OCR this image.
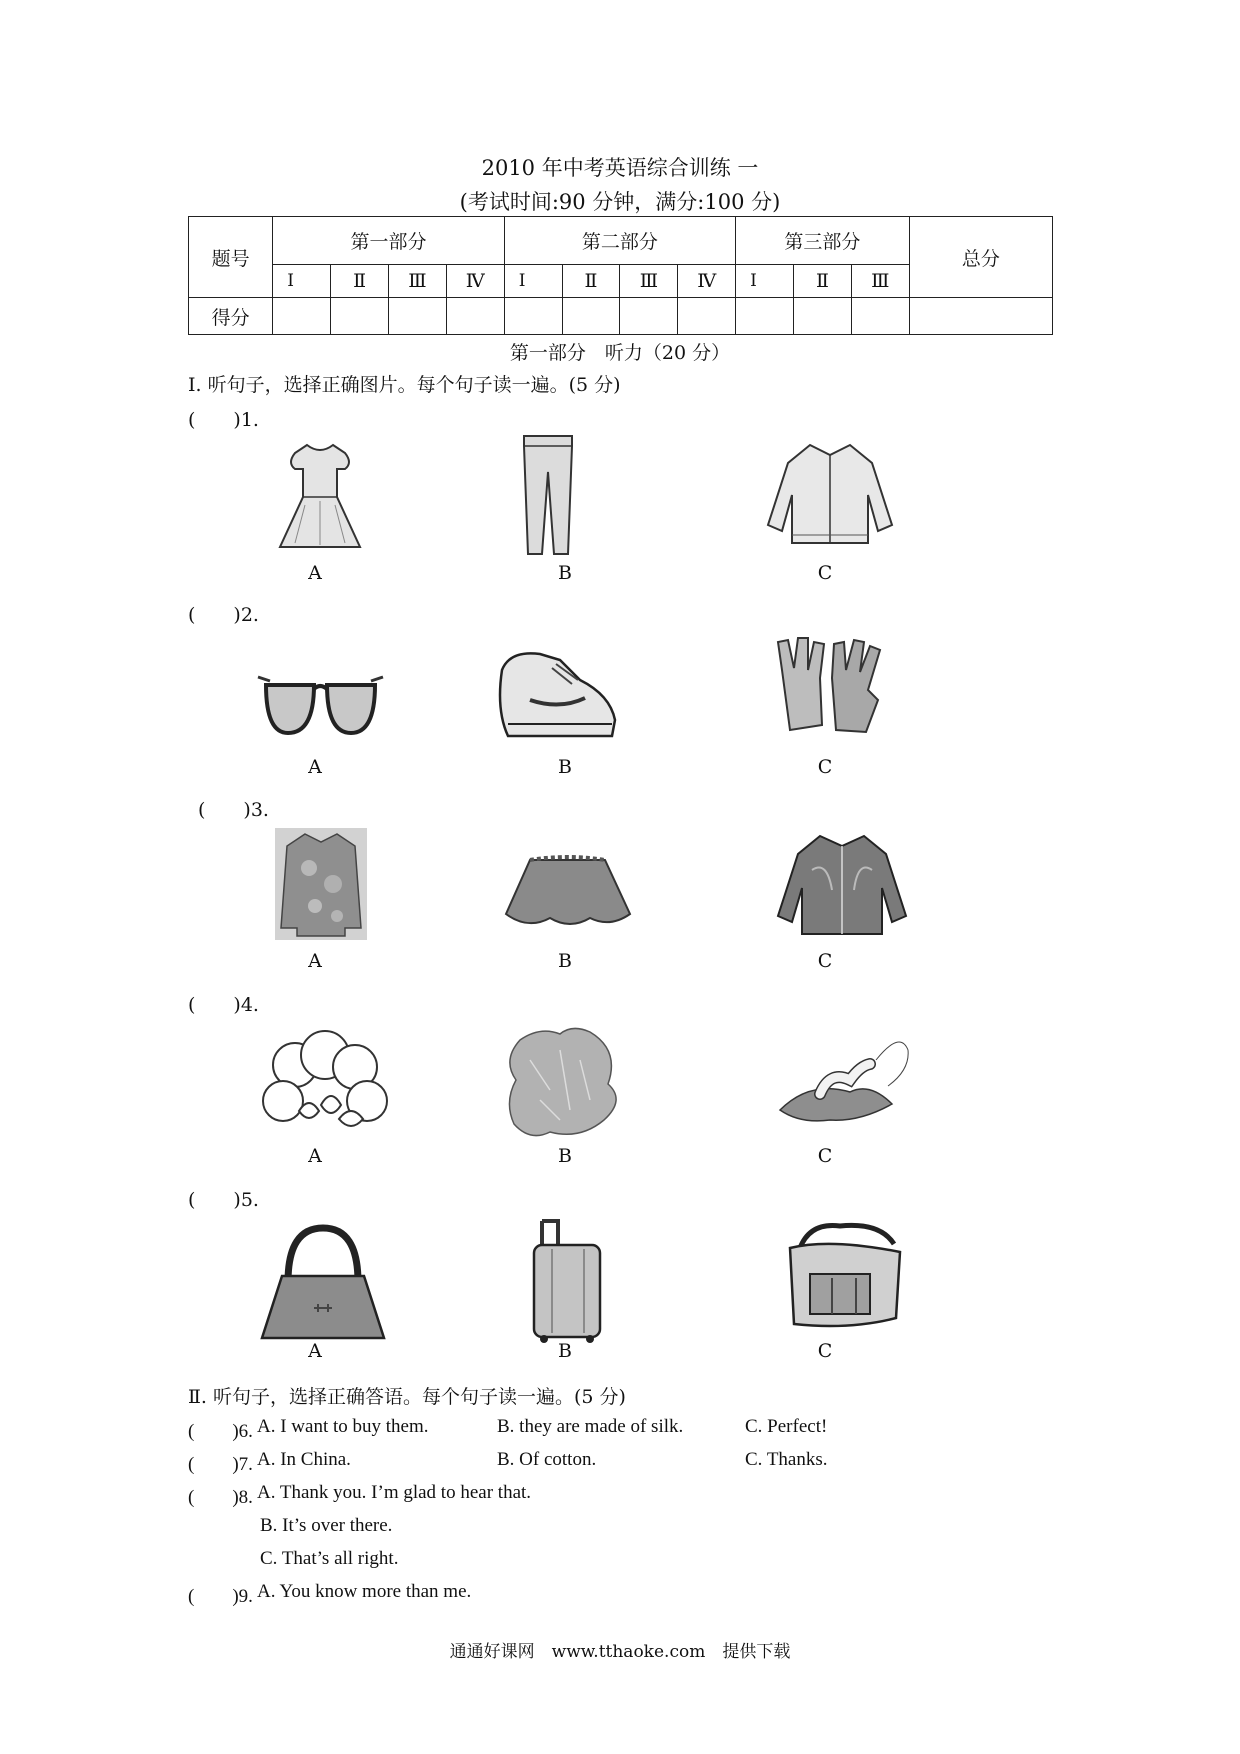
2010 年中考英语综合训练 一
(考试时间:90 分钟，满分:100 分)
题号	第一部分				第二部分				第三部分			总分
	I	Ⅱ	Ⅲ	Ⅳ	I	Ⅱ	Ⅲ	Ⅳ	I	Ⅱ	Ⅲ	
得分												
第一部分　听力（20 分）
I. 听句子，选择正确图片。每个句子读一遍。(5 分)
(　　)1.
A	B	C
(　　)2.
A	B	C
(　　)3.
A	B	C
(　　)4.
A	B	C
(　　)5.
A	B	C
Ⅱ. 听句子，选择正确答语。每个句子读一遍。(5 分)
(　　)6. A. I want to buy them.	B. they are made of silk.	C. Perfect!
(　　)7. A. In China.	B. Of cotton.	C. Thanks.
(　　)8. A. Thank you. I’m glad to hear that.
B. It’s over there.
C. That’s all right.
(　　)9. A. You know more than me.
通通好课网　www.tthaoke.com　提供下载
